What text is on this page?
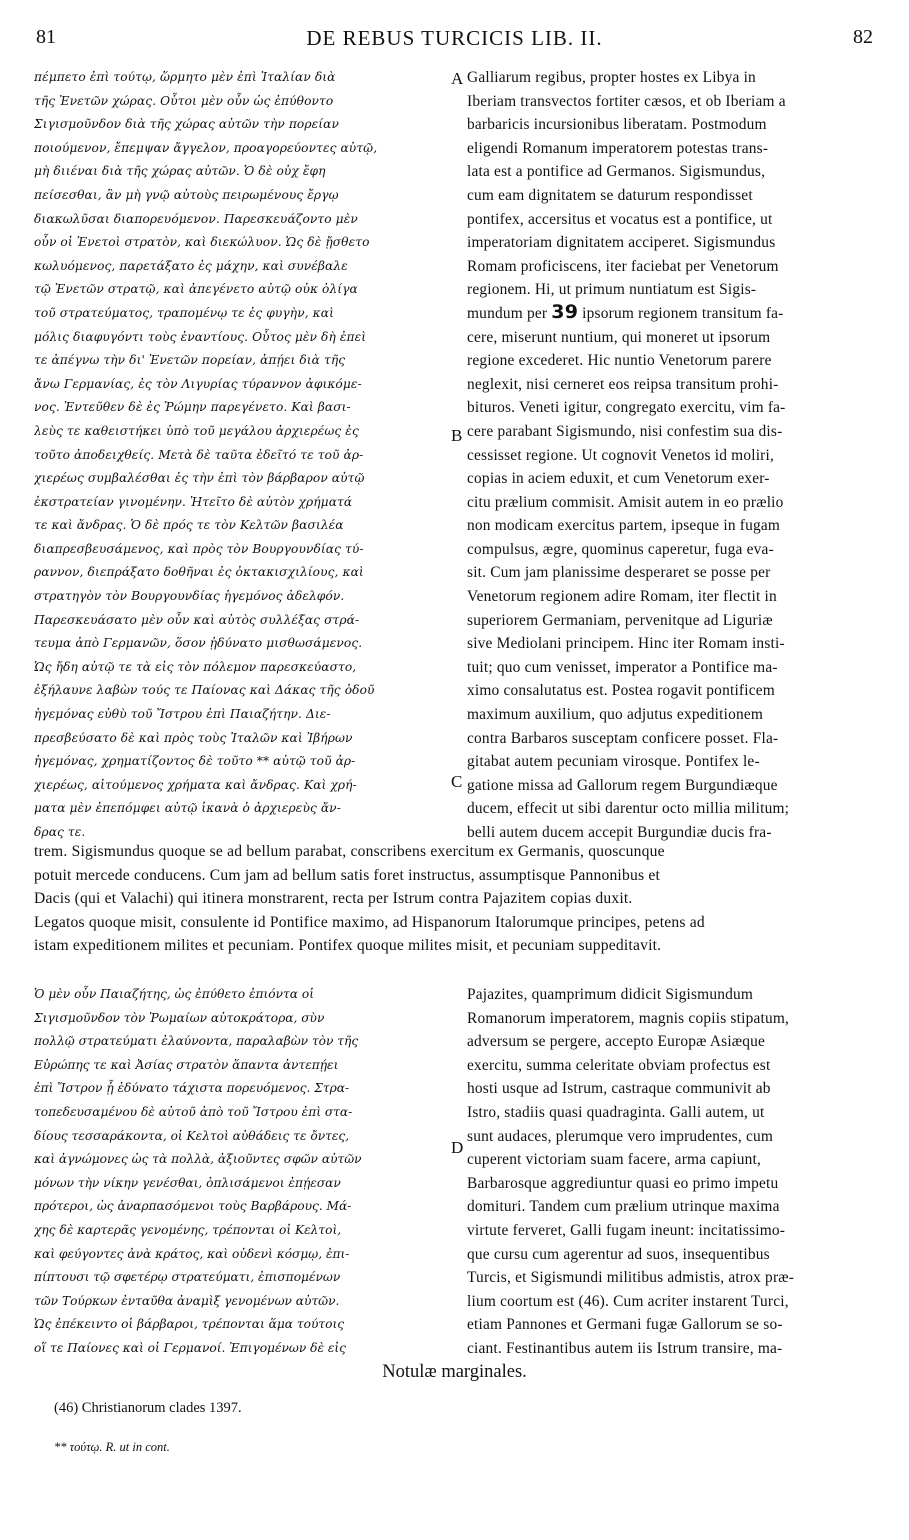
81	DE REBUS TURCICIS LIB. II.	82
πέμπετο ἐπὶ τούτῳ, ὥρμητο μὲν ἐπὶ Ἰταλίαν διὰ
τῆς Ἐνετῶν χώρας. Οὗτοι μὲν οὖν ὡς ἐπύθοντο
Σιγισμοῦνδον διὰ τῆς χώρας αὐτῶν τὴν πορείαν
ποιούμενον, ἔπεμψαν ἄγγελον, προαγορεύοντες αὐτῷ,
μὴ διιέναι διὰ τῆς χώρας αὐτῶν. Ὁ δὲ οὐχ ἔφη
πείσεσθαι, ἂν μὴ γνῷ αὐτοὺς πειρωμένους ἔργῳ
διακωλῦσαι διαπορευόμενον. Παρεσκευάζοντο μὲν
οὖν οἱ Ἐνετοὶ στρατὸν, καὶ διεκώλυον. Ὡς δὲ ᾔσθετο
κωλυόμενος, παρετάξατο ἐς μάχην, καὶ συνέβαλε
τῷ Ἐνετῶν στρατῷ, καὶ ἀπεγένετο αὐτῷ οὐκ ὀλίγα
τοῦ στρατεύματος, τραπομένῳ τε ἐς φυγὴν, καὶ
μόλις διαφυγόντι τοὺς ἐναντίους. Οὗτος μὲν δὴ ἐπεὶ
τε ἀπέγνω τὴν δι' Ἐνετῶν πορείαν, ἀπῄει διὰ τῆς
ἄνω Γερμανίας, ἐς τὸν Λιγυρίας τύραννον ἀφικόμε-
νος. Ἐντεῦθεν δὲ ἐς Ῥώμην παρεγένετο. Καὶ βασι-
λεὺς τε καθειστήκει ὑπὸ τοῦ μεγάλου ἀρχιερέως ἐς
τοῦτο ἀποδειχθείς. Μετὰ δὲ ταῦτα ἐδεῖτό τε τοῦ ἀρ-
χιερέως συμβαλέσθαι ἐς τὴν ἐπὶ τὸν βάρβαρον αὐτῷ
ἐκστρατείαν γινομένην. Ἠτεῖτο δὲ αὐτὸν χρήματά
τε καὶ ἄνδρας. Ὁ δὲ πρός τε τὸν Κελτῶν βασιλέα
διαπρεσβευσάμενος, καὶ πρὸς τὸν Βουργουνδίας τύ-
ραννον, διεπράξατο δοθῆναι ἐς ὀκτακισχιλίους, καὶ
στρατηγὸν τὸν Βουργουνδίας ἡγεμόνος ἀδελφόν.
Παρεσκευάσατο μὲν οὖν καὶ αὐτὸς συλλέξας στρά-
τευμα ἀπὸ Γερμανῶν, ὅσον ᾐδύνατο μισθωσάμενος.
Ὡς ἤδη αὐτῷ τε τὰ εἰς τὸν πόλεμον παρεσκεύαστο,
ἐξήλαυνε λαβὼν τούς τε Παίονας καὶ Δάκας τῆς ὁδοῦ
ἡγεμόνας εὐθὺ τοῦ Ἴστρου ἐπὶ Παιαζήτην. Διε-
πρεσβεύσατο δὲ καὶ πρὸς τοὺς Ἰταλῶν καὶ Ἰβήρων
ἡγεμόνας, χρηματίζοντος δὲ τοῦτο ** αὐτῷ τοῦ ἀρ-
χιερέως, αἰτούμενος χρήματα καὶ ἄνδρας. Καὶ χρή-
ματα μὲν ἐπεπόμφει αὐτῷ ἱκανὰ ὁ ἀρχιερεὺς ἄν-
δρας τε.
Galliarum regibus, propter hostes ex Libya in
Iberiam transvectos fortiter cæsos, et ob Iberiam a
barbaricis incursionibus liberatam. Postmodum
eligendi Romanum imperatorem potestas trans-
lata est a pontifice ad Germanos. Sigismundus,
cum eam dignitatem se daturum respondisset
pontifex, accersitus et vocatus est a pontifice, ut
imperatoriam dignitatem acciperet. Sigismundus
Romam proficiscens, iter faciebat per Venetorum
regionem. Hi, ut primum nuntiatum est Sigis-
mundum per 39 ipsorum regionem transitum fa-
cere, miserunt nuntium, qui moneret ut ipsorum
regione excederet. Hic nuntio Venetorum parere
neglexit, nisi cerneret eos reipsa transitum prohi-
bituros. Veneti igitur, congregato exercitu, vim fa-
cere parabant Sigismundo, nisi confestim sua dis-
cessisset regione. Ut cognovit Venetos id moliri,
copias in aciem eduxit, et cum Venetorum exer-
citu prælium commisit. Amisit autem in eo prælio
non modicam exercitus partem, ipseque in fugam
compulsus, ægre, quominus caperetur, fuga eva-
sit. Cum jam planissime desperaret se posse per
Venetorum regionem adire Romam, iter flectit in
superiorem Germaniam, pervenitque ad Liguriæ
sive Mediolani principem. Hinc iter Romam insti-
tuit; quo cum venisset, imperator a Pontifice ma-
ximo consalutatus est. Postea rogavit pontificem
maximum auxilium, quo adjutus expeditionem
contra Barbaros susceptam conficere posset. Fla-
gitabat autem pecuniam virosque. Pontifex le-
gatione missa ad Gallorum regem Burgundiæque
ducem, effecit ut sibi darentur octo millia militum;
belli autem ducem accepit Burgundiæ ducis fra-
trem. Sigismundus quoque se ad bellum parabat, conscribens exercitum ex Germanis, quoscunque
potuit mercede conducens. Cum jam ad bellum satis foret instructus, assumptisque Pannonibus et
Dacis (qui et Valachi) qui itinera monstrarent, recta per Istrum contra Pajazitem copias duxit.
Legatos quoque misit, consulente id Pontifice maximo, ad Hispanorum Italorumque principes, petens ad
istam expeditionem milites et pecuniam. Pontifex quoque milites misit, et pecuniam suppeditavit.
Ὁ μὲν οὖν Παιαζήτης, ὡς ἐπύθετο ἐπιόντα οἱ
Σιγισμοῦνδον τὸν Ῥωμαίων αὐτοκράτορα, σὺν
πολλῷ στρατεύματι ἐλαύνοντα, παραλαβὼν τὸν τῆς
Εὐρώπης τε καὶ Ἀσίας στρατὸν ἅπαντα ἀντεπῄει
ἐπὶ Ἴστρον ᾗ ἐδύνατο τάχιστα πορευόμενος. Στρα-
τοπεδευσαμένου δὲ αὐτοῦ ἀπὸ τοῦ Ἴστρου ἐπὶ στα-
δίους τεσσαράκοντα, οἱ Κελτοὶ αὐθάδεις τε ὄντες,
καὶ ἀγνώμονες ὡς τὰ πολλὰ, ἀξιοῦντες σφῶν αὐτῶν
μόνων τὴν νίκην γενέσθαι, ὁπλισάμενοι ἐπῄεσαν
πρότεροι, ὡς ἀναρπασόμενοι τοὺς Βαρβάρους. Μά-
χης δὲ καρτερᾶς γενομένης, τρέπονται οἱ Κελτοὶ,
καὶ φεύγοντες ἀνὰ κράτος, καὶ οὐδενὶ κόσμῳ, ἐπι-
πίπτουσι τῷ σφετέρῳ στρατεύματι, ἐπισπομένων
τῶν Τούρκων ἐνταῦθα ἀναμὶξ γενομένων αὐτῶν.
Ὡς ἐπέκειντο οἱ βάρβαροι, τρέπονται ἅμα τούτοις
οἵ τε Παίονες καὶ οἱ Γερμανοί. Ἐπιγομένων δὲ εἰς
Pajazites, quamprimum didicit Sigismundum
Romanorum imperatorem, magnis copiis stipatum,
adversum se pergere, accepto Europæ Asiæque
exercitu, summa celeritate obviam profectus est
hosti usque ad Istrum, castraque communivit ab
Istro, stadiis quasi quadraginta. Galli autem, ut
sunt audaces, plerumque vero imprudentes, cum
cuperent victoriam suam facere, arma capiunt,
Barbarosque aggrediuntur quasi eo primo impetu
domituri. Tandem cum prælium utrinque maxima
virtute ferveret, Galli fugam ineunt: incitatissimo-
que cursu cum agerentur ad suos, insequentibus
Turcis, et Sigismundi militibus admistis, atrox præ-
lium coortum est (46). Cum acriter instarent Turci,
etiam Pannones et Germani fugæ Gallorum se so-
ciant. Festinantibus autem iis Istrum transire, ma-
A
B
C
D
Notulæ marginales.
(46) Christianorum clades 1397.
** τούτῳ. R. ut in cont.
